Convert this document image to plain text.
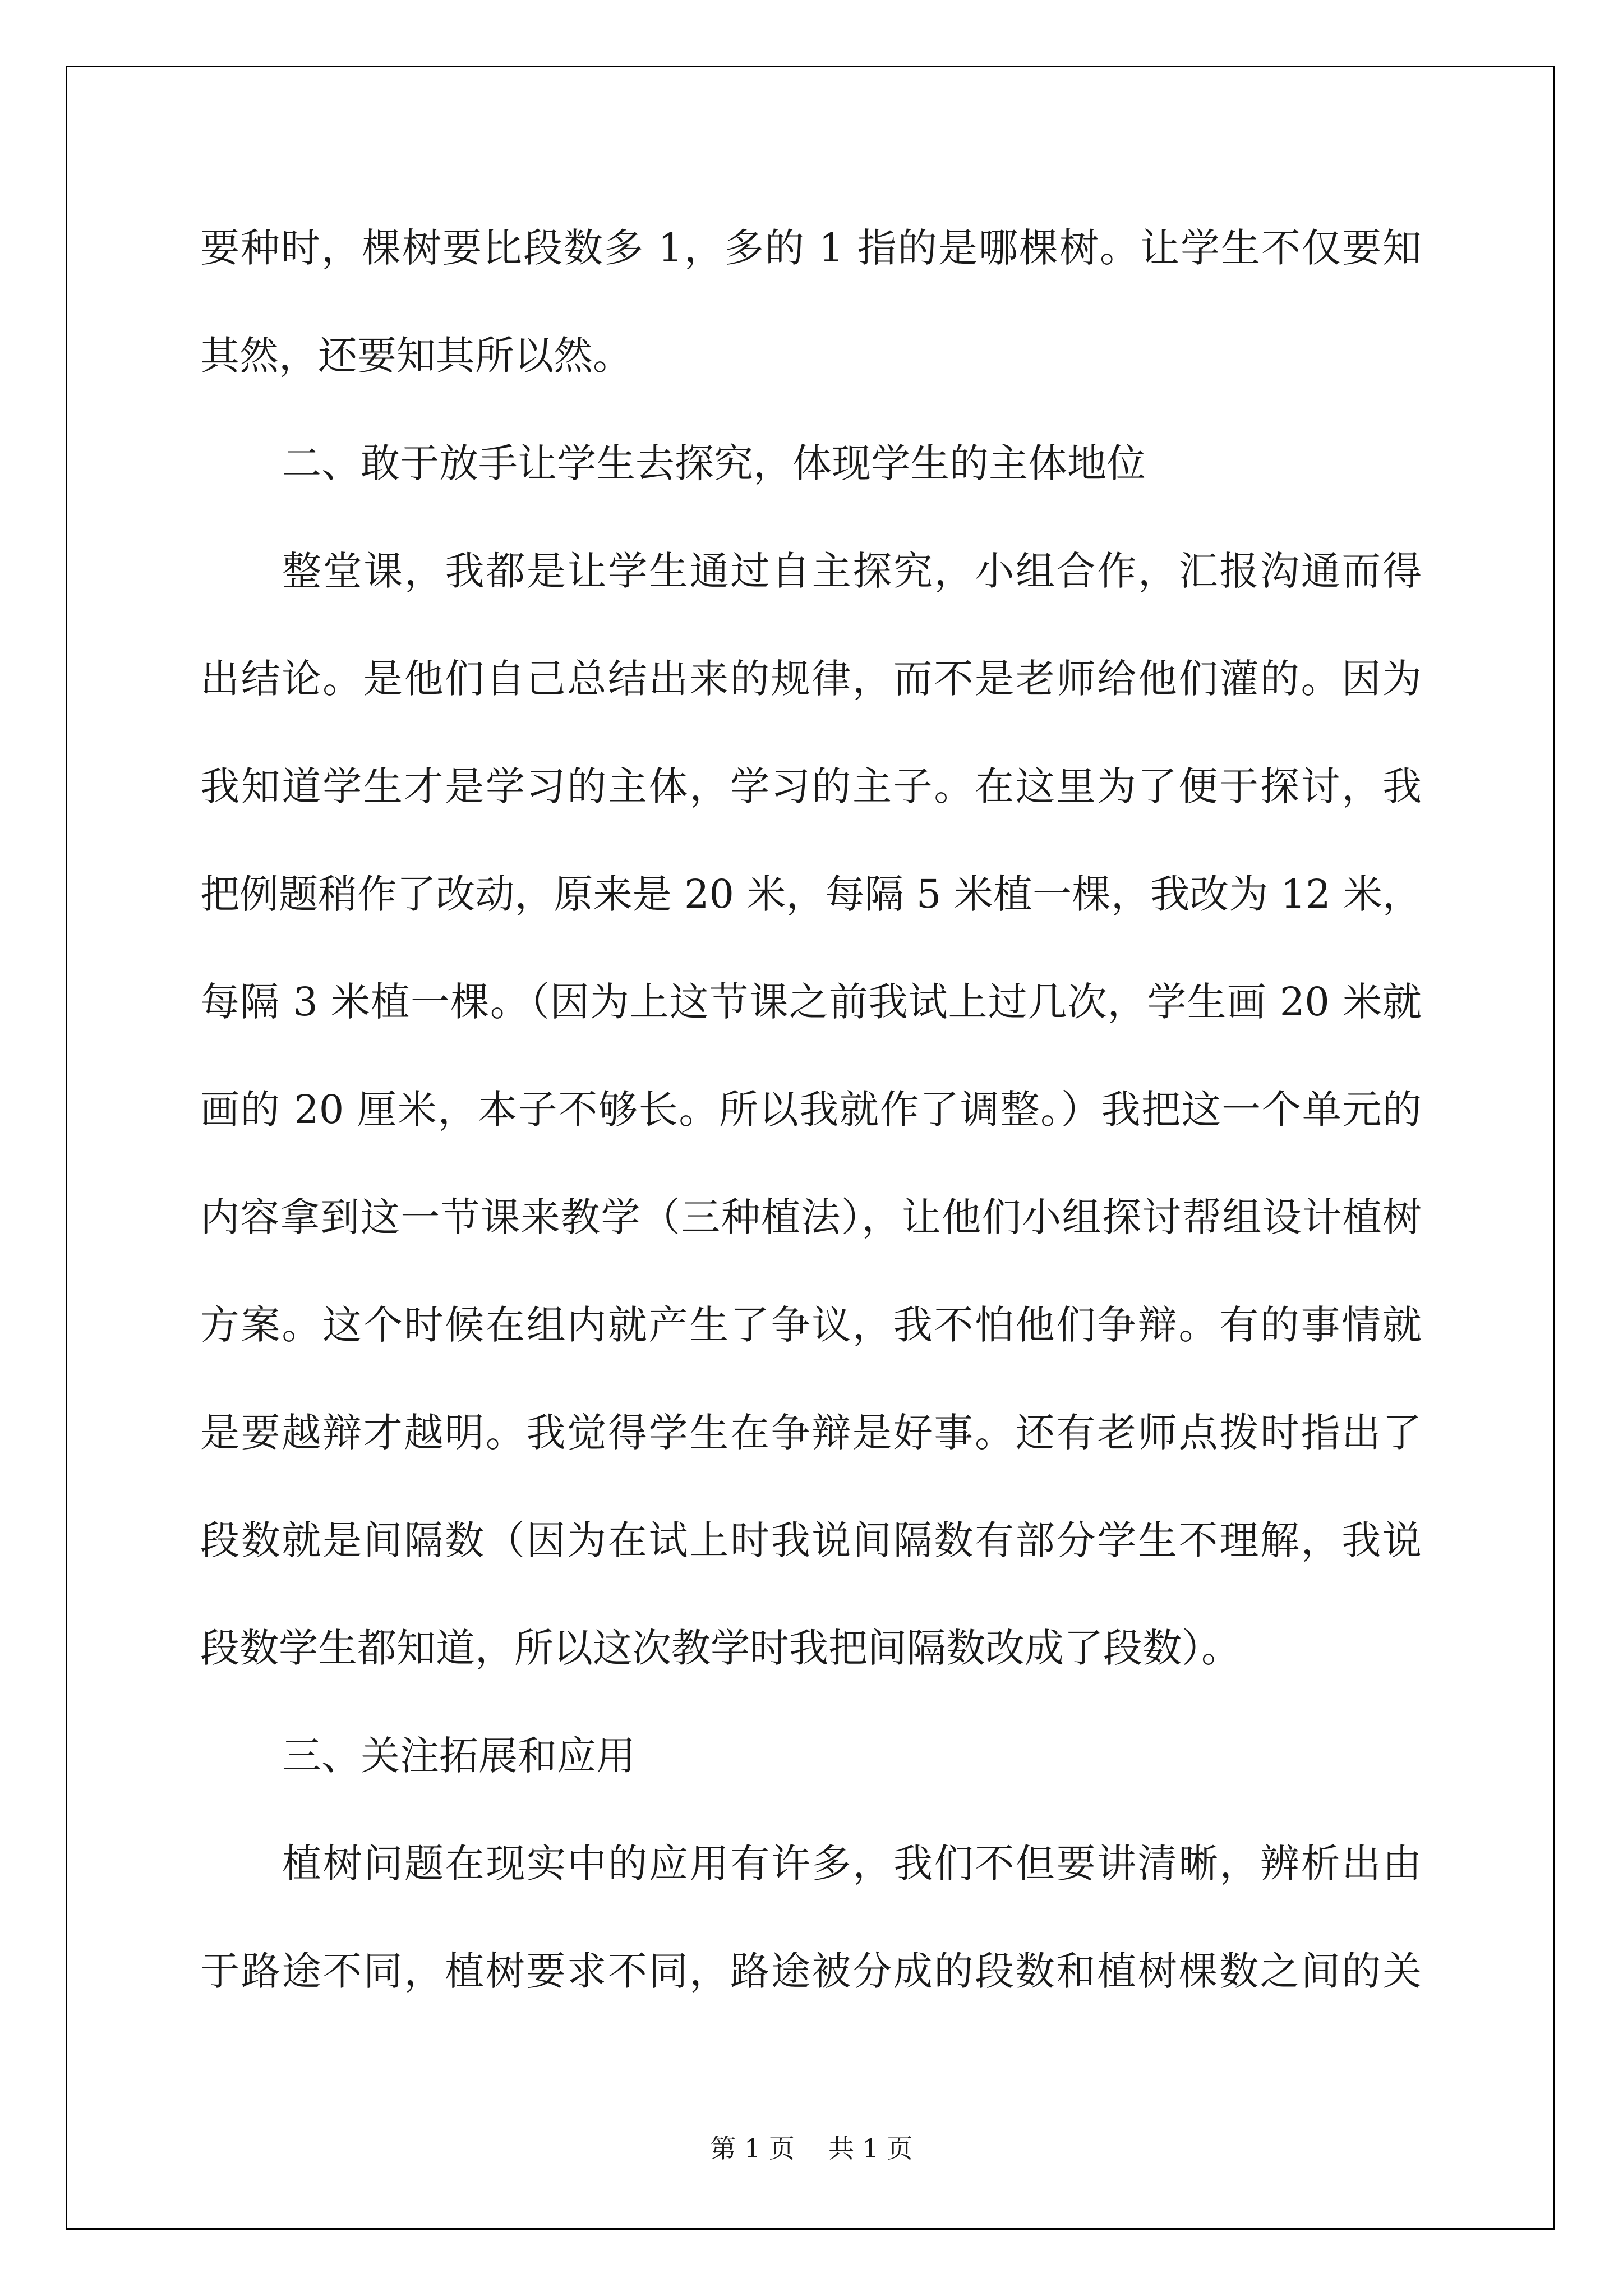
要种时，棵树要比段数多 1，多的 1 指的是哪棵树。让学生不仅要知
其然，还要知其所以然。
二、敢于放手让学生去探究，体现学生的主体地位
整堂课，我都是让学生通过自主探究，小组合作，汇报沟通而得
出结论。是他们自己总结出来的规律，而不是老师给他们灌的。因为
我知道学生才是学习的主体，学习的主子。在这里为了便于探讨，我
把例题稍作了改动，原来是 20 米，每隔 5 米植一棵，我改为 12 米，
每隔 3 米植一棵。（因为上这节课之前我试上过几次，学生画 20 米就
画的 20 厘米，本子不够长。所以我就作了调整。）我把这一个单元的
内容拿到这一节课来教学（三种植法），让他们小组探讨帮组设计植树
方案。这个时候在组内就产生了争议，我不怕他们争辩。有的事情就
是要越辩才越明。我觉得学生在争辩是好事。还有老师点拨时指出了
段数就是间隔数（因为在试上时我说间隔数有部分学生不理解，我说
段数学生都知道，所以这次教学时我把间隔数改成了段数）。
三、关注拓展和应用
植树问题在现实中的应用有许多，我们不但要讲清晰，辨析出由
于路途不同，植树要求不同，路途被分成的段数和植树棵数之间的关
第 1 页 共 1 页
